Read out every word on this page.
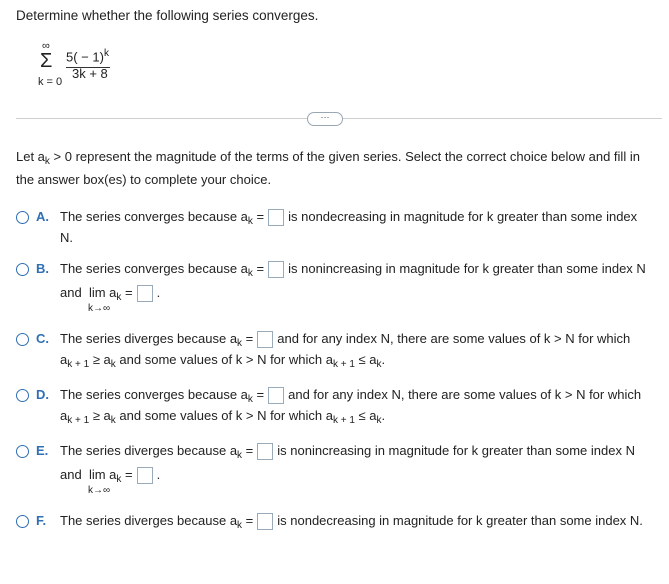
Determine whether the following series converges.
∞
Σ
k = 0
$5( - 1)^k$
3k + 8
···
Let $a_k > 0$ represent the magnitude of the terms of the given series. Select the correct choice below and fill in the answer box(es) to complete your choice.
A. The series converges because $a_k$ = is nondecreasing in magnitude for k greater than some index
N.
B. The series converges because $a_k$ = is nonincreasing in magnitude for k greater than some index N
and $\lim a_k$ = .
k→∞
C. The series diverges because $a_k$ = and for any index N, there are some values of k > N for which
$a_{k + 1} \ge a_k$ and some values of k > N for which $a_{k + 1} \le a_k$.
D. The series converges because $a_k$ = and for any index N, there are some values of k > N for which
$a_{k + 1} \ge a_k$ and some values of k > N for which $a_{k + 1} \le a_k$.
E. The series diverges because $a_k$ = is nonincreasing in magnitude for k greater than some index N
and $\lim a_k$ = .
k→∞
F. The series diverges because $a_k$ = is nondecreasing in magnitude for k greater than some index N.
